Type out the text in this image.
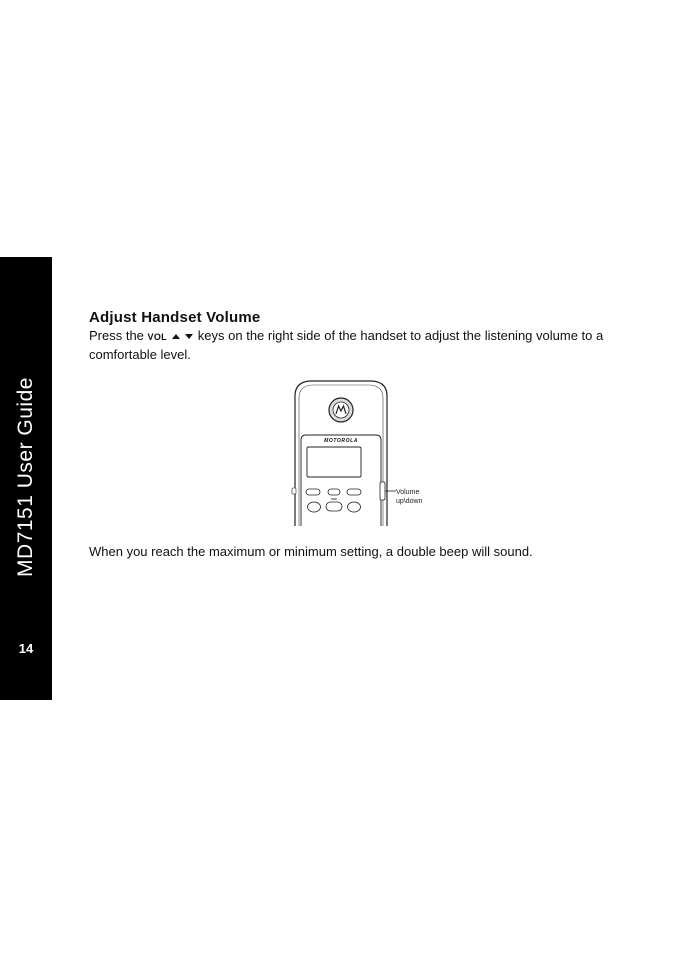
MD7151 User Guide
14
Adjust Handset Volume

Press the VOL   keys on the right side of the handset to adjust the listening volume to a comfortable level.

MOTOROLA
Volume
up\down

When you reach the maximum or minimum setting, a double beep will sound.
